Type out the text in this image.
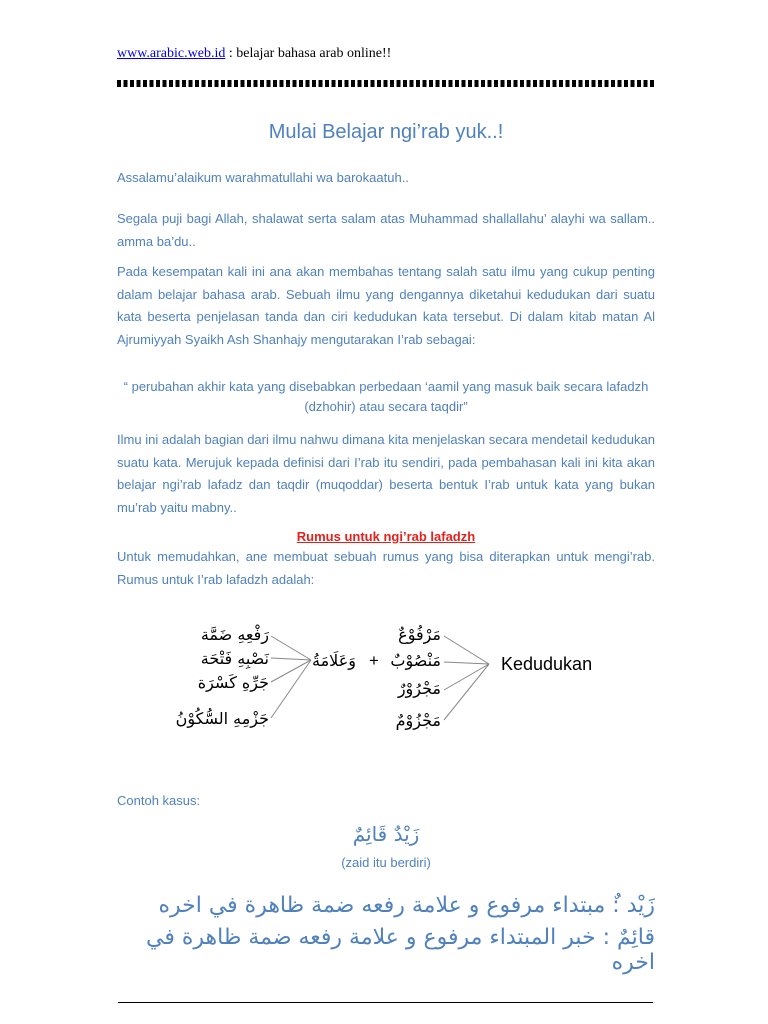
www.arabic.web.id : belajar bahasa arab online!!
Mulai Belajar ngi’rab yuk..!

Assalamu’alaikum warahmatullahi wa barokaatuh..

Segala puji bagi Allah, shalawat serta salam atas Muhammad shallallahu’ alayhi wa sallam.. amma ba’du..

Pada kesempatan kali ini ana akan membahas tentang salah satu ilmu yang cukup penting dalam belajar bahasa arab. Sebuah ilmu yang dengannya diketahui kedudukan dari suatu kata beserta penjelasan tanda dan ciri kedudukan kata tersebut. Di dalam kitab matan Al Ajrumiyyah Syaikh Ash Shanhajy mengutarakan I’rab sebagai:

“ perubahan akhir kata yang disebabkan perbedaan ‘aamil yang masuk baik secara lafadzh (dzhohir) atau secara taqdir”

Ilmu ini adalah bagian dari ilmu nahwu dimana kita menjelaskan secara mendetail kedudukan suatu kata. Merujuk kepada definisi dari I’rab itu sendiri, pada pembahasan kali ini kita akan belajar ngi’rab lafadz dan taqdir (muqoddar) beserta bentuk I’rab untuk kata yang bukan mu’rab yaitu mabny..

Rumus untuk ngi’rab lafadzh

Untuk memudahkan, ane membuat sebuah rumus yang bisa diterapkan untuk mengi’rab. Rumus untuk I’rab lafadzh adalah:

رَفْعِهِ ضَمَّة
نَصْبِهِ فَتْحَة
جَرِّهِ كَسْرَة
جَزْمِهِ السُّكُوْنُ
وَعَلَامَةُ +
مَرْفُوْعٌ
مَنْصُوْبٌ
مَجْرُوْرٌ
مَجْزُوْمٌ
Kedudukan

Contoh kasus:

زَيْدٌ قَائِمٌ
(zaid itu berdiri)
زَيْد :ٌ مبتداء مرفوع و علامة رفعه ضمة ظاهرة في اخره
قائِمٌ : خبر المبتداء مرفوع و علامة رفعه ضمة ظاهرة في اخره
